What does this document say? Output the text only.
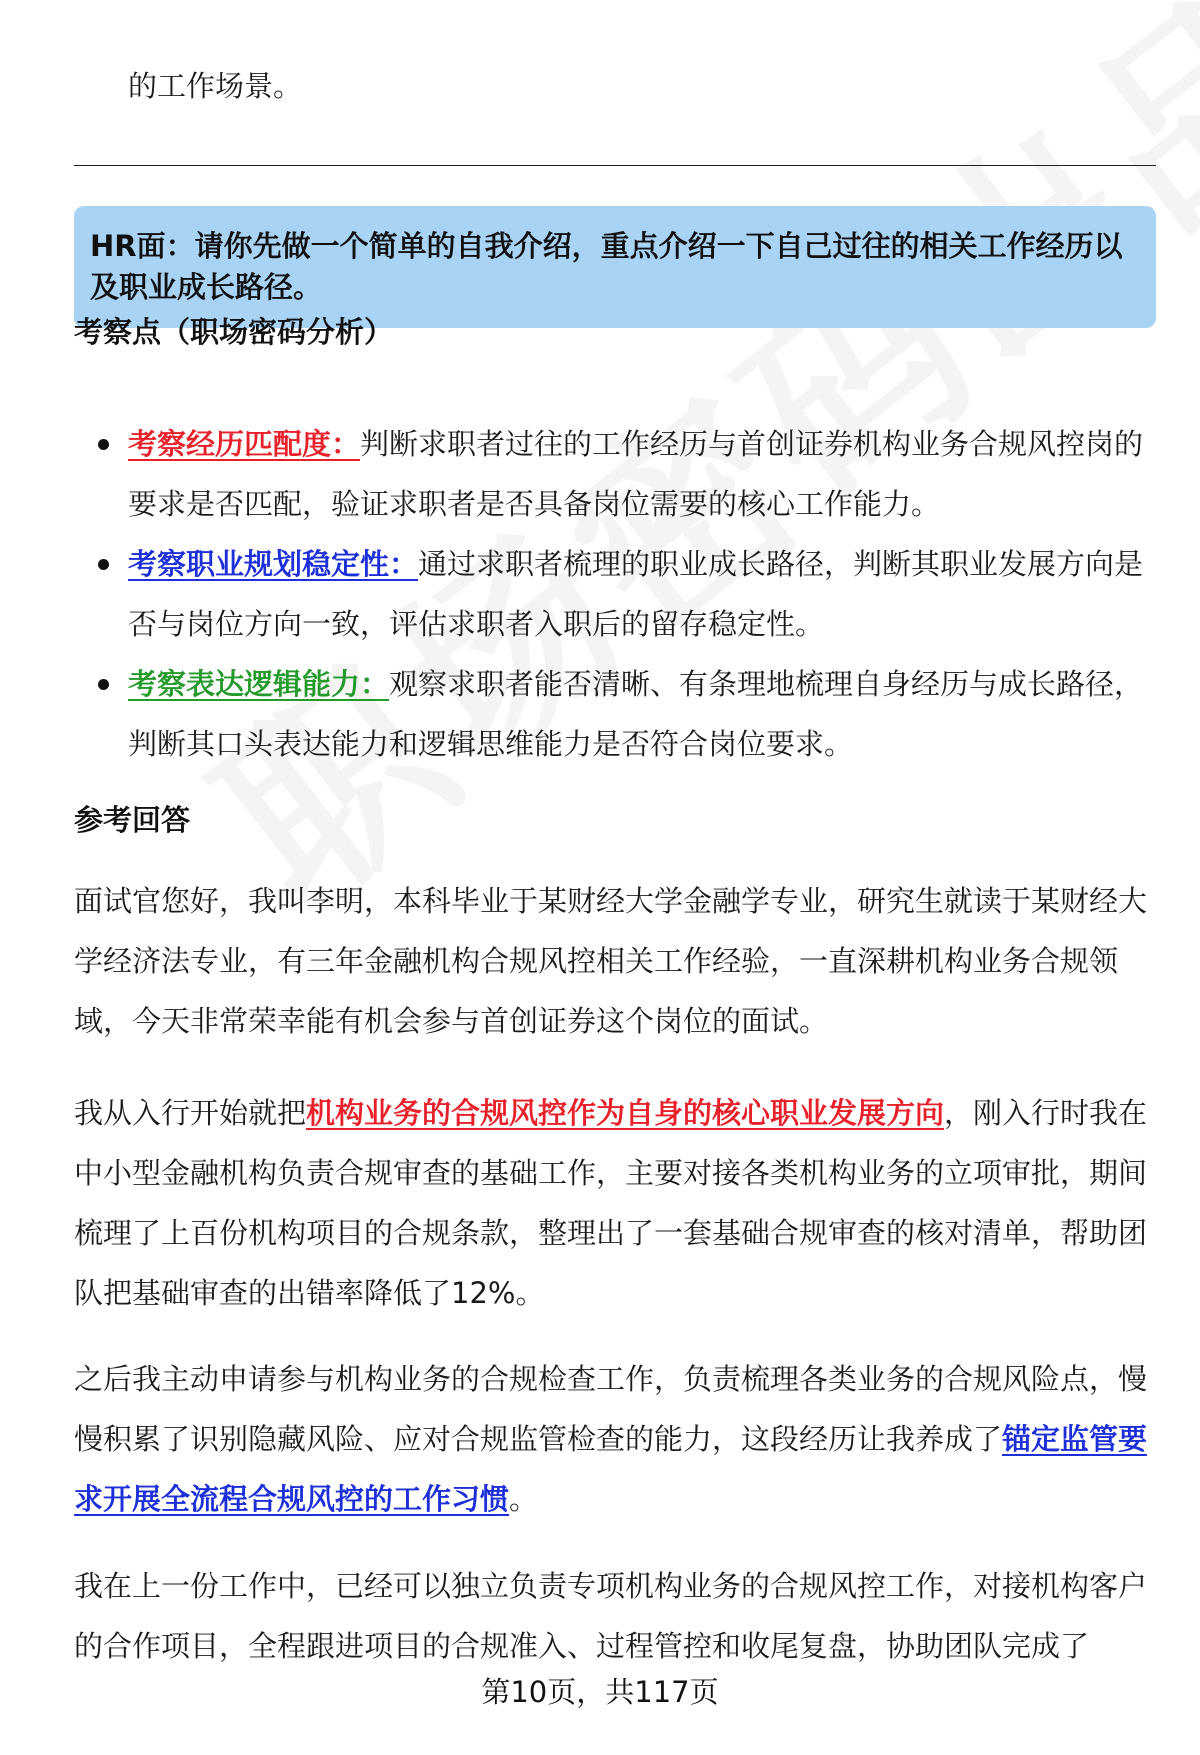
的工作场景。
HR面：请你先做一个简单的自我介绍，重点介绍一下自己过往的相关工作经历以及职业成长路径。
考察点（职场密码分析）
考察经历匹配度：判断求职者过往的工作经历与首创证券机构业务合规风控岗的要求是否匹配，验证求职者是否具备岗位需要的核心工作能力。
考察职业规划稳定性：通过求职者梳理的职业成长路径，判断其职业发展方向是否与岗位方向一致，评估求职者入职后的留存稳定性。
考察表达逻辑能力：观察求职者能否清晰、有条理地梳理自身经历与成长路径，判断其口头表达能力和逻辑思维能力是否符合岗位要求。
参考回答

面试官您好，我叫李明，本科毕业于某财经大学金融学专业，研究生就读于某财经大学经济法专业，有三年金融机构合规风控相关工作经验，一直深耕机构业务合规领域，今天非常荣幸能有机会参与首创证券这个岗位的面试。

我从入行开始就把机构业务的合规风控作为自身的核心职业发展方向，刚入行时我在中小型金融机构负责合规审查的基础工作，主要对接各类机构业务的立项审批，期间梳理了上百份机构项目的合规条款，整理出了一套基础合规审查的核对清单，帮助团队把基础审查的出错率降低了12%。

之后我主动申请参与机构业务的合规检查工作，负责梳理各类业务的合规风险点，慢慢积累了识别隐藏风险、应对合规监管检查的能力，这段经历让我养成了锚定监管要求开展全流程合规风控的工作习惯。

我在上一份工作中，已经可以独立负责专项机构业务的合规风控工作，对接机构客户的合作项目，全程跟进项目的合规准入、过程管控和收尾复盘，协助团队完成了

第10页，共117页
